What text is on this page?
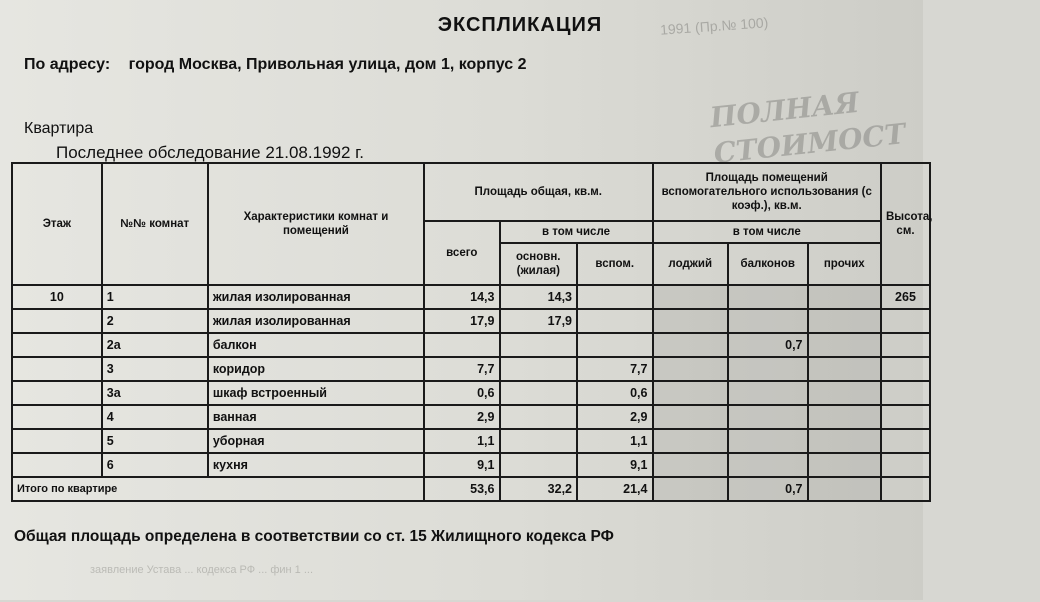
1991 (Пр.№ 100)
ПОЛНАЯ СТОИМОСТ
ЭКСПЛИКАЦИЯ
По адресу: город Москва, Привольная улица, дом 1, корпус 2
Квартира
Последнее обследование 21.08.1992 г.
Этаж	№№ комнат	Характеристики комнат и помещений	Площадь общая, кв.м.			Площадь помещений вспомогательного использования (с коэф.), кв.м.			Высота, см.
			всего	в том числе		в том числе			
				основн. (жилая)	вспом.	лоджий	балконов	прочих	
10	1	жилая изолированная	14,3	14,3					265
	2	жилая изолированная	17,9	17,9					
	2а	балкон					0,7		
	3	коридор	7,7		7,7				
	3а	шкаф встроенный	0,6		0,6				
	4	ванная	2,9		2,9				
	5	уборная	1,1		1,1				
	6	кухня	9,1		9,1				
Итого по квартире			53,6	32,2	21,4		0,7		
Общая площадь определена в соответствии со ст. 15 Жилищного кодекса РФ
заявление Устава ... кодекса РФ ... фин 1 ...
